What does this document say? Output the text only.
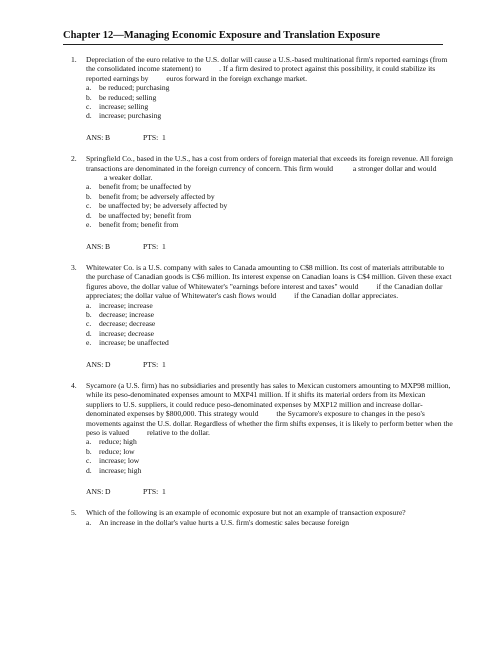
Chapter 12—Managing Economic Exposure and Translation Exposure
1. Depreciation of the euro relative to the U.S. dollar will cause a U.S.-based multinational firm's reported earnings (from the consolidated income statement) to . If a firm desired to protect against this possibility, it could stabilize its reported earnings by euros forward in the foreign exchange market.

a. be reduced; purchasing
b. be reduced; selling
c. increase; selling
d. increase; purchasing
ANS: B	PTS: 1
2. Springfield Co., based in the U.S., has a cost from orders of foreign material that exceeds its foreign revenue. All foreign transactions are denominated in the foreign currency of concern. This firm would	a stronger dollar and woulda weaker dollar.

a. benefit from; be unaffected by
b. benefit from; be adversely affected by
c. be unaffected by; be adversely affected by
d. be unaffected by; benefit from
e. benefit from; benefit from
ANS: B	PTS: 1
3. Whitewater Co. is a U.S. company with sales to Canada amounting to C$8 million. Its cost of materials attributable to the purchase of Canadian goods is C$6 million. Its interest expense on Canadian loans is C$4 million. Given these exact figures above, the dollar value of Whitewater's "earnings before interest and taxes" would if the Canadian dollar appreciates; the dollar value of Whitewater's cash flows would if the Canadian dollar appreciates.

a. increase; increase
b. decrease; increase
c. decrease; decrease
d. increase; decrease
e. increase; be unaffected
ANS: D	PTS: 1
4. Sycamore (a U.S. firm) has no subsidiaries and presently has sales to Mexican customers amounting to MXP98 million, while its peso-denominated expenses amount to MXP41 million. If it shifts its material orders from its Mexican suppliers to U.S. suppliers, it could reduce peso-denominated expenses by MXP12 million and increase dollar-denominated expenses by $800,000. This strategy would the Sycamore's exposure to changes in the peso's movements against the U.S. dollar. Regardless of whether the firm shifts expenses, it is likely to perform better when the peso is valued relative to the dollar.

a. reduce; high
b. reduce; low
c. increase; low
d. increase; high
ANS: D	PTS: 1
5. Which of the following is an example of economic exposure but not an example of transaction exposure?

a. An increase in the dollar's value hurts a U.S. firm's domestic sales because foreign
